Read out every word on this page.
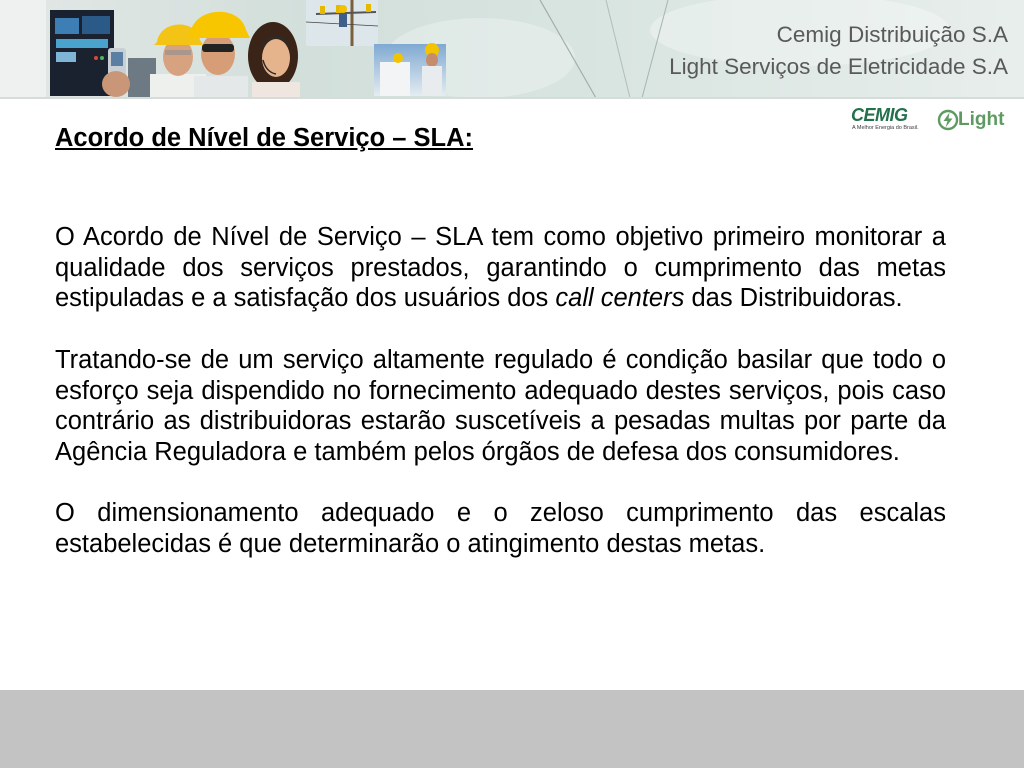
Cemig Distribuição S.A
Light Serviços de Eletricidade S.A
CEMIG
A Melhor Energia do Brasil. Light
Acordo de Nível de Serviço – SLA:

O Acordo de Nível de Serviço – SLA tem como objetivo primeiro monitorar a qualidade dos serviços prestados, garantindo o cumprimento das metas estipuladas e a satisfação dos usuários dos call centers das Distribuidoras.

Tratando-se de um serviço altamente regulado é condição basilar que todo o esforço seja dispendido no fornecimento adequado destes serviços, pois caso contrário as distribuidoras estarão suscetíveis a pesadas multas por parte da Agência Reguladora e também pelos órgãos de defesa dos consumidores.

O dimensionamento adequado e o zeloso cumprimento das escalas estabelecidas é que determinarão o atingimento destas metas.
